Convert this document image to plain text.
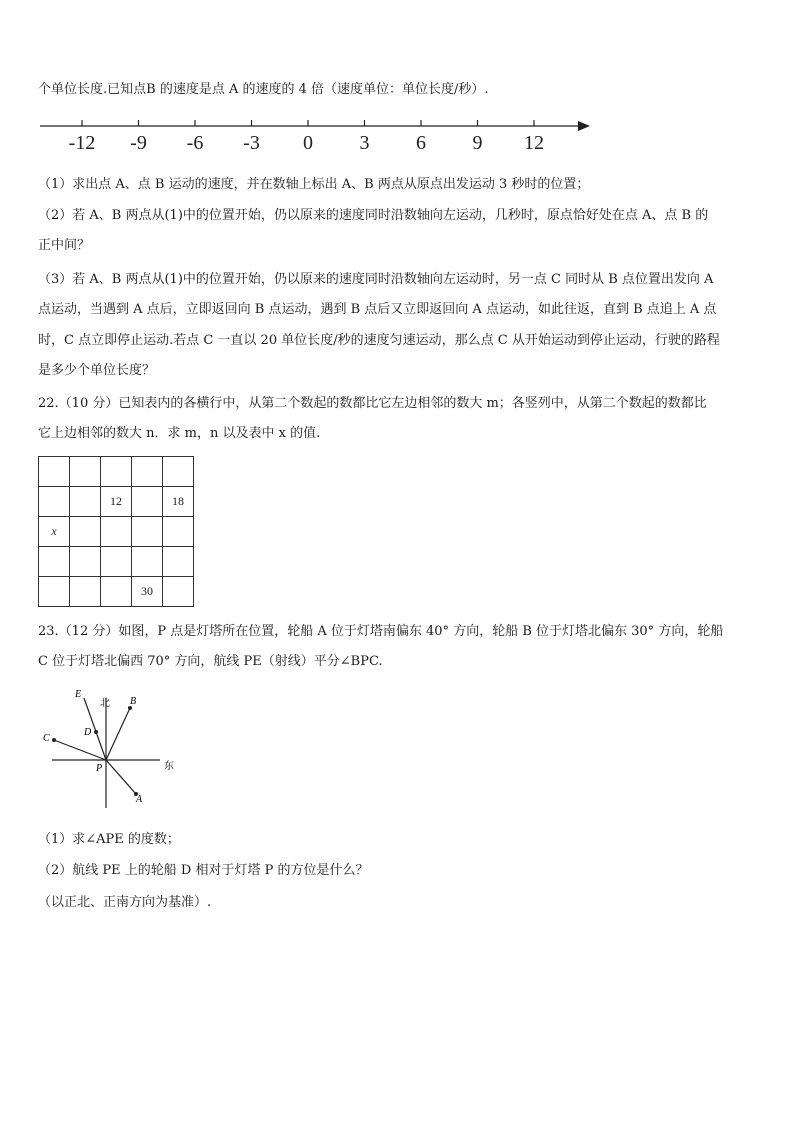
个单位长度.已知点B 的速度是点 A 的速度的 4 倍（速度单位：单位长度/秒）.
-12 -9 -6 -3 0 3 6 9 12
（1）求出点 A、点 B 运动的速度，并在数轴上标出 A、B 两点从原点出发运动 3 秒时的位置；
（2）若 A、B 两点从(1)中的位置开始，仍以原来的速度同时沿数轴向左运动，几秒时，原点恰好处在点 A、点 B 的
正中间？
（3）若 A、B 两点从(1)中的位置开始，仍以原来的速度同时沿数轴向左运动时，另一点 C 同时从 B 点位置出发向 A
点运动，当遇到 A 点后，立即返回向 B 点运动，遇到 B 点后又立即返回向 A 点运动，如此往返，直到 B 点追上 A 点
时，C 点立即停止运动.若点 C 一直以 20 单位长度/秒的速度匀速运动，那么点 C 从开始运动到停止运动，行驶的路程
是多少个单位长度？
22.（10 分）已知表内的各横行中，从第二个数起的数都比它左边相邻的数大 m；各竖列中，从第二个数起的数都比
它上边相邻的数大 n．求 m，n 以及表中 x 的值.

		12		18
x				

			30	
23.（12 分）如图，P 点是灯塔所在位置，轮船 A 位于灯塔南偏东 40° 方向，轮船 B 位于灯塔北偏东 30° 方向，轮船
C 位于灯塔北偏西 70° 方向，航线 PE（射线）平分∠BPC.
E
北 B
C
D
P	东
A
（1）求∠APE 的度数；
（2）航线 PE 上的轮船 D 相对于灯塔 P 的方位是什么？
（以正北、正南方向为基准）.
